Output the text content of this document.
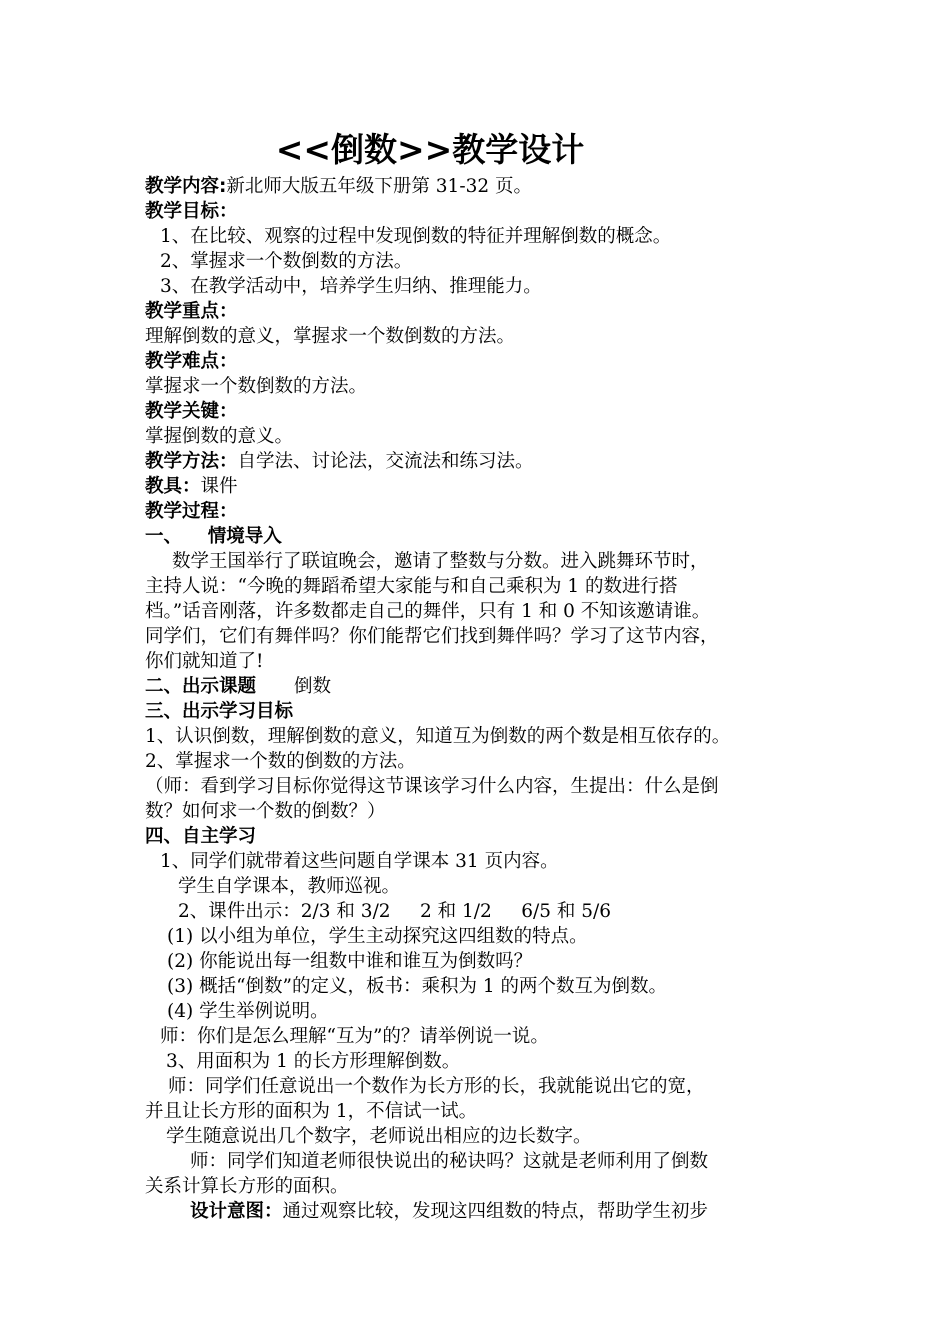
<<倒数>>教学设计
教学内容:新北师大版五年级下册第 31-32 页。
教学目标：
1、在比较、观察的过程中发现倒数的特征并理解倒数的概念。
2、掌握求一个数倒数的方法。
3、在教学活动中，培养学生归纳、推理能力。
教学重点：
理解倒数的意义，掌握求一个数倒数的方法。
教学难点：
掌握求一个数倒数的方法。
教学关键：
掌握倒数的意义。
教学方法：自学法、讨论法，交流法和练习法。
教具：课件
教学过程：
一、    情境导入
数学王国举行了联谊晚会，邀请了整数与分数。进入跳舞环节时，
主持人说：“今晚的舞蹈希望大家能与和自己乘积为 1 的数进行搭
档。”话音刚落，许多数都走自己的舞伴，只有 1 和 0 不知该邀请谁。
同学们，它们有舞伴吗？你们能帮它们找到舞伴吗？学习了这节内容，
你们就知道了!
二、出示课题 倒数
三、出示学习目标
1、认识倒数，理解倒数的意义，知道互为倒数的两个数是相互依存的。
2、掌握求一个数的倒数的方法。
（师：看到学习目标你觉得这节课该学习什么内容，生提出：什么是倒
数？如何求一个数的倒数？）
四、自主学习
1、同学们就带着这些问题自学课本 31 页内容。
学生自学课本，教师巡视。
2、课件出示：2/3 和 3/2     2 和 1/2     6/5 和 5/6
(1) 以小组为单位，学生主动探究这四组数的特点。
(2) 你能说出每一组数中谁和谁互为倒数吗？
(3) 概括“倒数”的定义，板书：乘积为 1 的两个数互为倒数。
(4) 学生举例说明。
师：你们是怎么理解“互为”的？请举例说一说。
3、用面积为 1 的长方形理解倒数。
师：同学们任意说出一个数作为长方形的长，我就能说出它的宽，
并且让长方形的面积为 1，不信试一试。
学生随意说出几个数字，老师说出相应的边长数字。
师：同学们知道老师很快说出的秘诀吗？这就是老师利用了倒数
关系计算长方形的面积。
设计意图：通过观察比较，发现这四组数的特点，帮助学生初步
